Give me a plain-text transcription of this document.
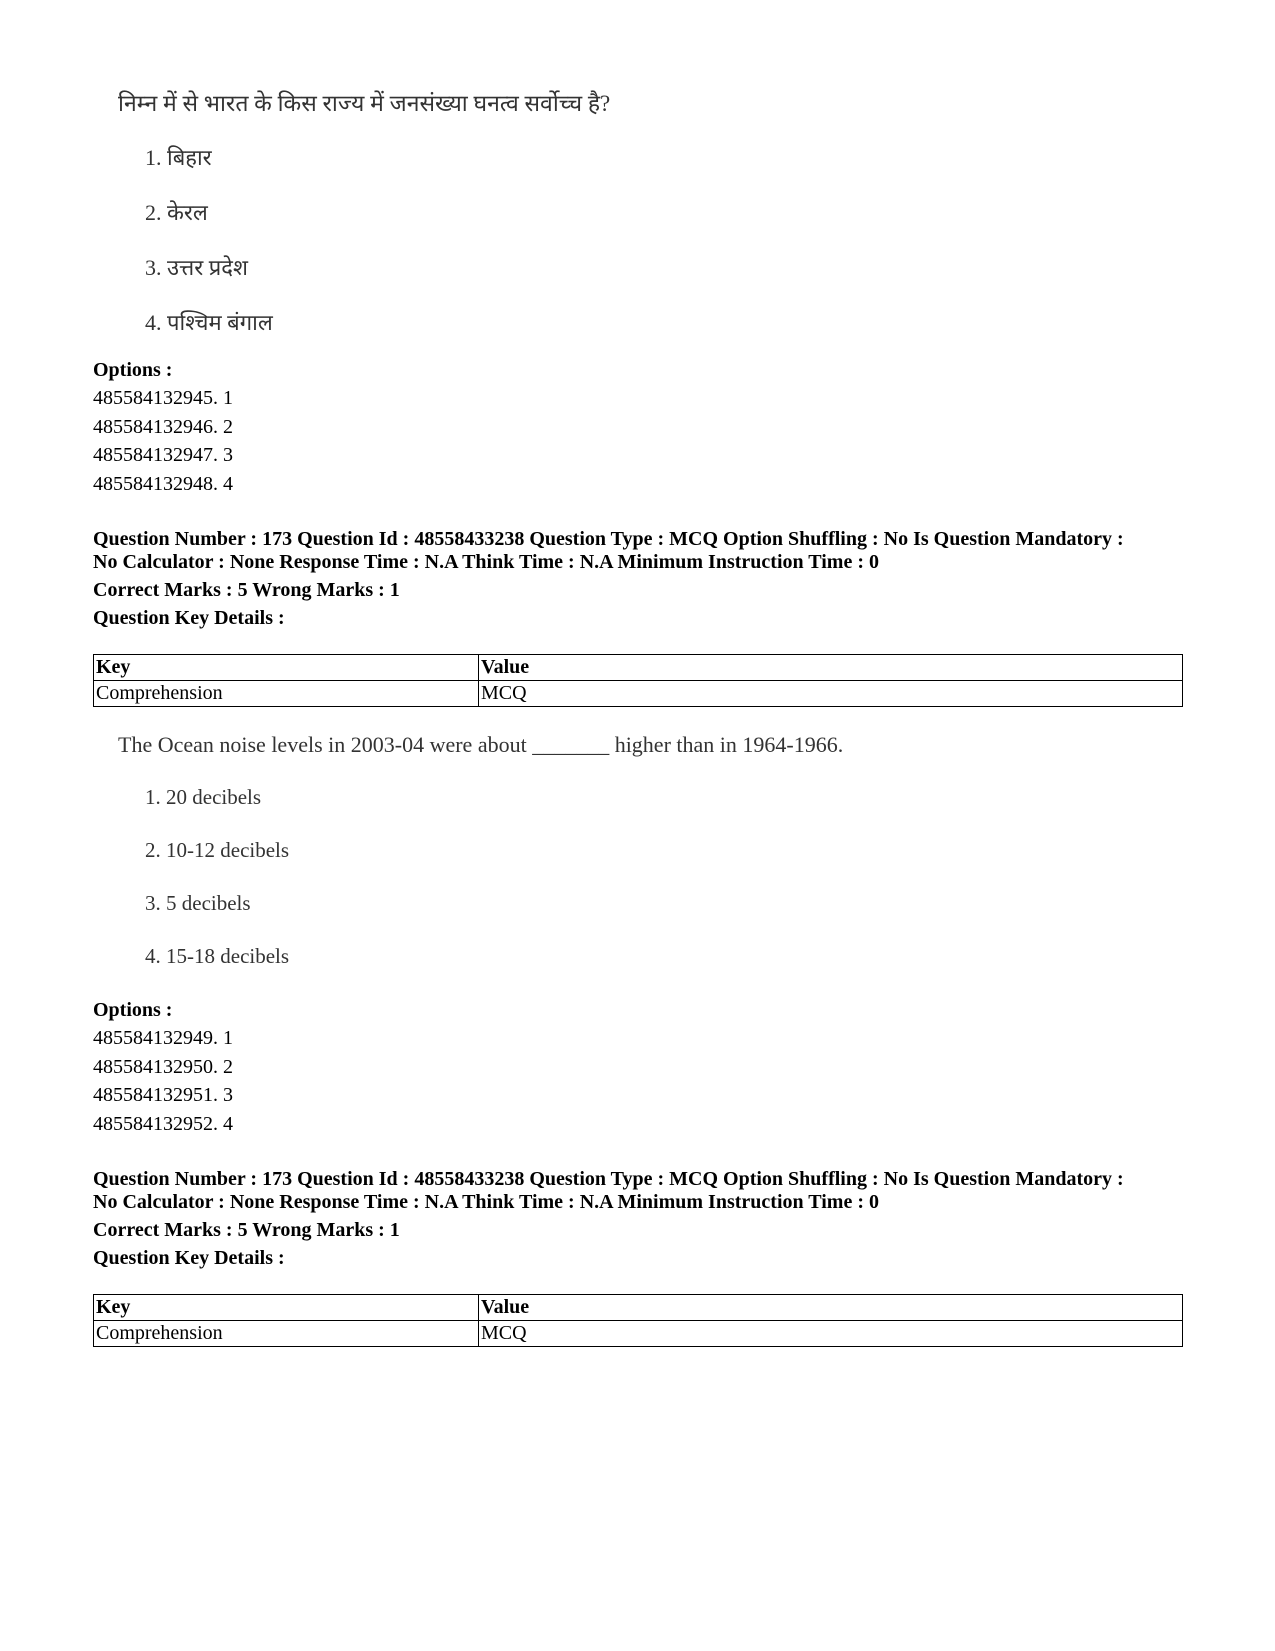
निम्न में से भारत के किस राज्य में जनसंख्या घनत्व सर्वोच्च है?
1. बिहार
2. केरल
3. उत्तर प्रदेश
4. पश्चिम बंगाल
Options :
485584132945. 1
485584132946. 2
485584132947. 3
485584132948. 4
Question Number : 173 Question Id : 48558433238 Question Type : MCQ Option Shuffling : No Is Question Mandatory :
No Calculator : None Response Time : N.A Think Time : N.A Minimum Instruction Time : 0
Correct Marks : 5 Wrong Marks : 1
Question Key Details :
Key	Value
Comprehension	MCQ
The Ocean noise levels in 2003-04 were about _______ higher than in 1964-1966.
1. 20 decibels
2. 10-12 decibels
3. 5 decibels
4. 15-18 decibels
Options :
485584132949. 1
485584132950. 2
485584132951. 3
485584132952. 4
Question Number : 173 Question Id : 48558433238 Question Type : MCQ Option Shuffling : No Is Question Mandatory :
No Calculator : None Response Time : N.A Think Time : N.A Minimum Instruction Time : 0
Correct Marks : 5 Wrong Marks : 1
Question Key Details :
Key	Value
Comprehension	MCQ
